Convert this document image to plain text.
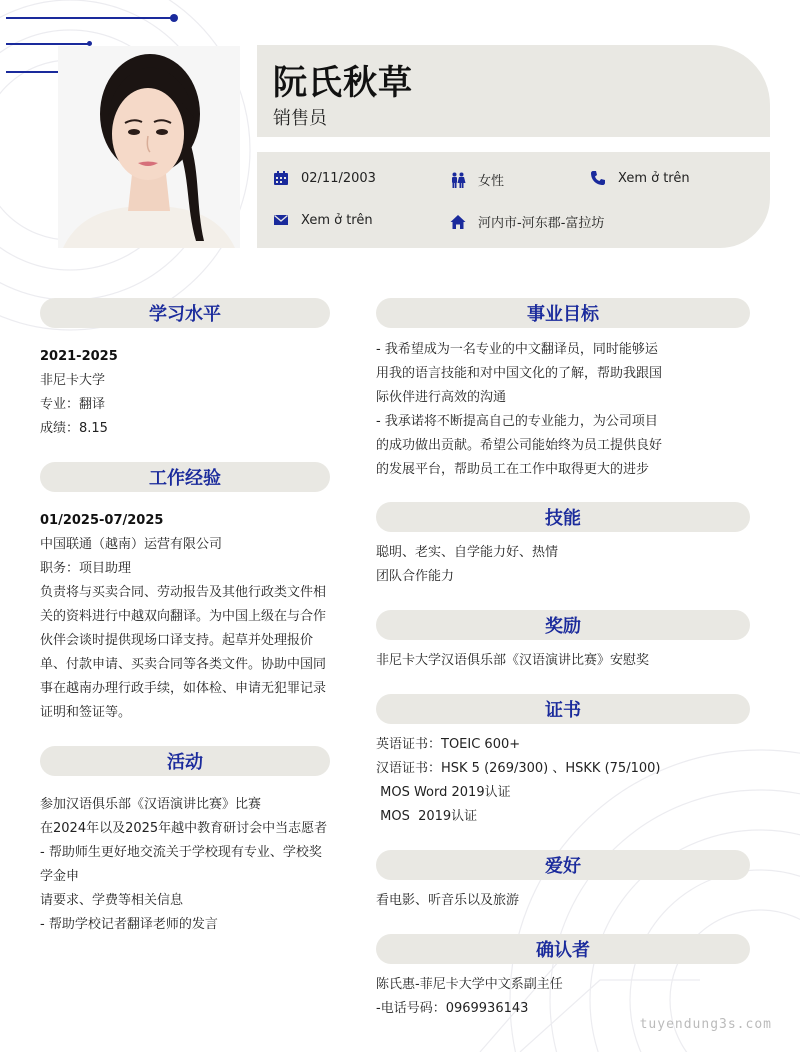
阮氏秋草
销售员
02/11/2003	女性	Xem ở trên
Xem ở trên	河内市-河东郡-富拉坊
学习水平
2021-2025
非尼卡大学
专业：翻译
成绩：8.15
工作经验
01/2025-07/2025
中国联通（越南）运营有限公司
职务：项目助理
负责将与买卖合同、劳动报告及其他行政类文件相
关的资料进行中越双向翻译。为中国上级在与合作
伙伴会谈时提供现场口译支持。起草并处理报价
单、付款申请、买卖合同等各类文件。协助中国同
事在越南办理行政手续，如体检、申请无犯罪记录
证明和签证等。
活动
参加汉语俱乐部《汉语演讲比赛》比赛
在2024年以及2025年越中教育研讨会中当志愿者
- 帮助师生更好地交流关于学校现有专业、学校奖
学金申
请要求、学费等相关信息
- 帮助学校记者翻译老师的发言
事业目标
- 我希望成为一名专业的中文翻译员，同时能够运
用我的语言技能和对中国文化的了解，帮助我跟国
际伙伴进行高效的沟通
- 我承诺将不断提高自己的专业能力，为公司项目
的成功做出贡献。希望公司能始终为员工提供良好
的发展平台，帮助员工在工作中取得更大的进步
技能
聪明、老实、自学能力好、热情
团队合作能力
奖励
非尼卡大学汉语俱乐部《汉语演讲比赛》安慰奖
证书
英语证书：TOEIC 600+
汉语证书：HSK 5 (269/300) 、HSKK (75/100)
MOS Word 2019认证
MOS  2019认证
爱好
看电影、听音乐以及旅游
确认者
陈氏惠-菲尼卡大学中文系副主任
-电话号码：0969936143
tuyendung3s.com
